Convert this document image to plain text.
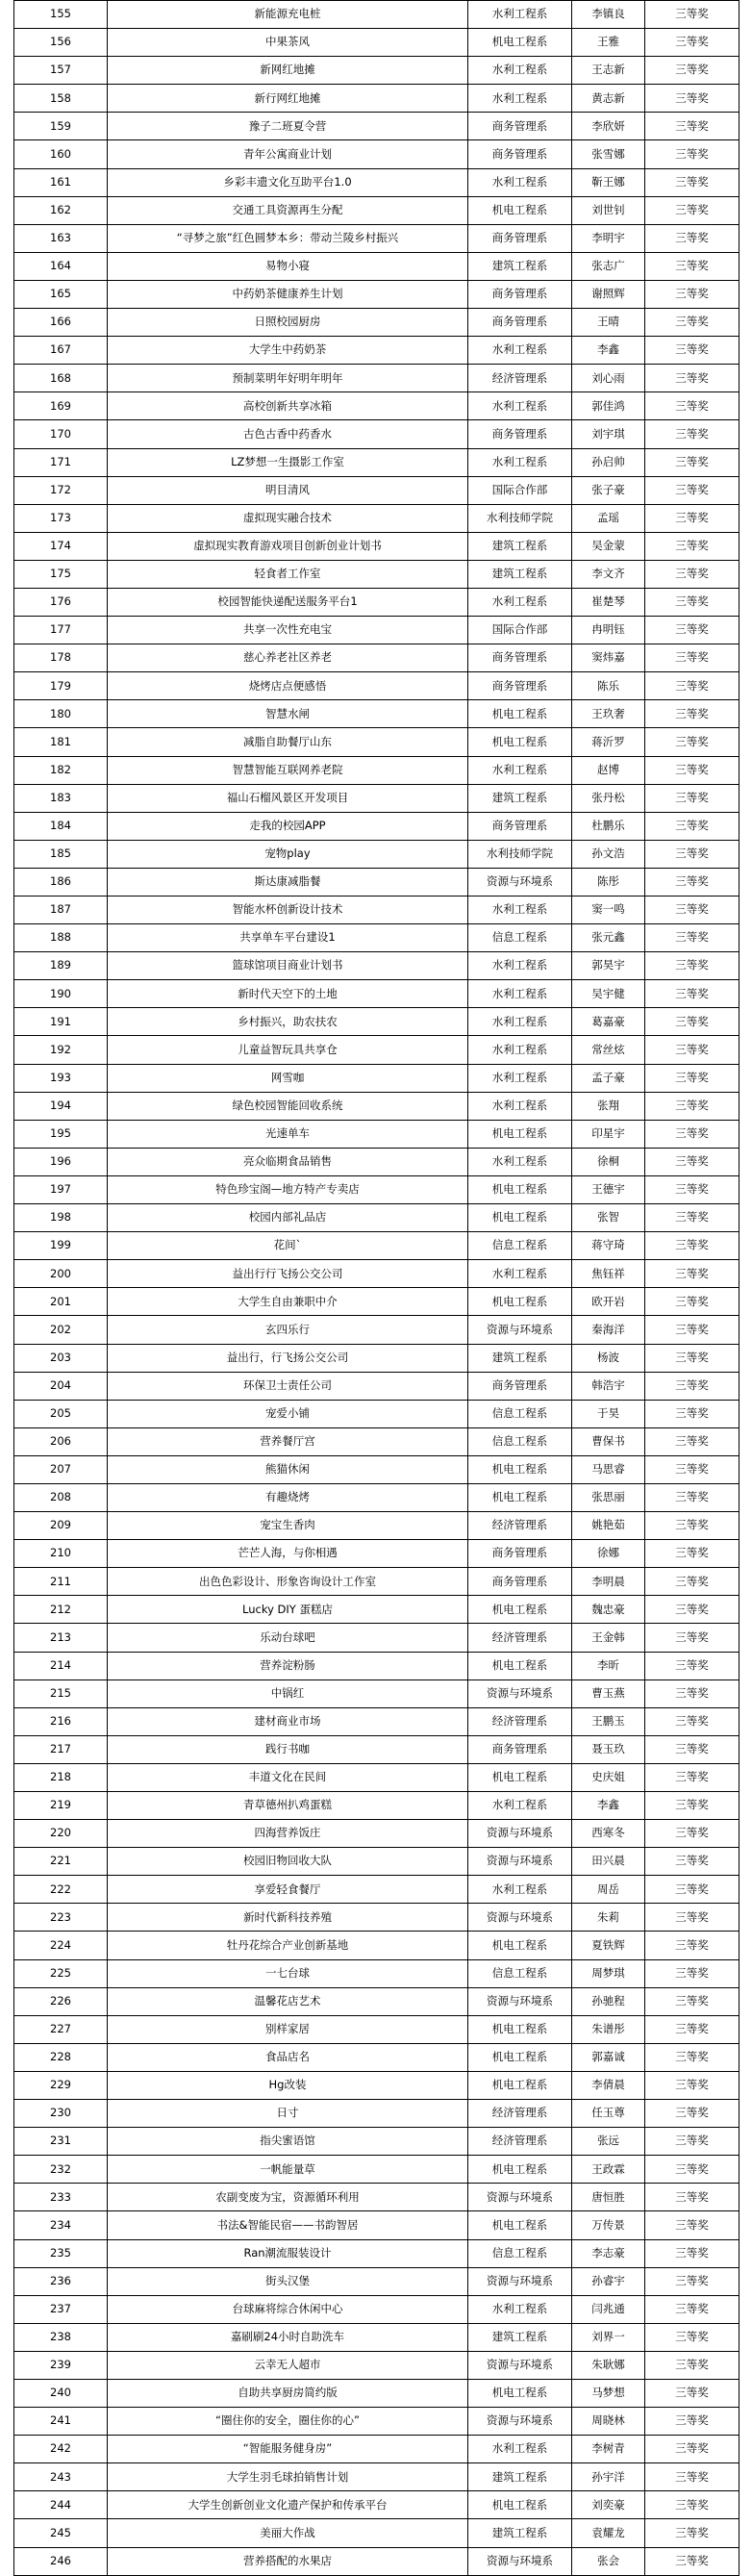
155	新能源充电桩	水利工程系	李镇良	三等奖
156	中果茶风	机电工程系	王雅	三等奖
157	新网红地摊	水利工程系	王志新	三等奖
158	新行网红地摊	水利工程系	黄志新	三等奖
159	豫子二班夏令营	商务管理系	李欣妍	三等奖
160	青年公寓商业计划	商务管理系	张雪娜	三等奖
161	乡彩丰遗文化互助平台1.0	水利工程系	靳王娜	三等奖
162	交通工具资源再生分配	机电工程系	刘世钊	三等奖
163	“寻梦之旅”红色圆梦本乡：带动兰陵乡村振兴	商务管理系	李明宇	三等奖
164	易物小寝	建筑工程系	张志广	三等奖
165	中药奶茶健康养生计划	商务管理系	谢照辉	三等奖
166	日照校园厨房	商务管理系	王晴	三等奖
167	大学生中药奶茶	水利工程系	李鑫	三等奖
168	预制菜明年好明年明年	经济管理系	刘心雨	三等奖
169	高校创新共享冰箱	水利工程系	郭佳鸿	三等奖
170	古色古香中药香水	商务管理系	刘宇琪	三等奖
171	LZ梦想一生摄影工作室	水利工程系	孙启帅	三等奖
172	明目清风	国际合作部	张子豪	三等奖
173	虚拟现实融合技术	水利技师学院	孟瑶	三等奖
174	虚拟现实教育游戏项目创新创业计划书	建筑工程系	吴金蒙	三等奖
175	轻食者工作室	建筑工程系	李文齐	三等奖
176	校园智能快递配送服务平台1	水利工程系	崔楚琴	三等奖
177	共享一次性充电宝	国际合作部	冉明钰	三等奖
178	慈心养老社区养老	商务管理系	窦炜嘉	三等奖
179	烧烤店点便感悟	商务管理系	陈乐	三等奖
180	智慧水闸	机电工程系	王玖奢	三等奖
181	减脂自助餐厅山东	机电工程系	蒋沂罗	三等奖
182	智慧智能互联网养老院	水利工程系	赵博	三等奖
183	福山石榴风景区开发项目	建筑工程系	张丹松	三等奖
184	走我的校园APP	商务管理系	杜鹏乐	三等奖
185	宠物play	水利技师学院	孙文浩	三等奖
186	斯达康减脂餐	资源与环境系	陈彤	三等奖
187	智能水杯创新设计技术	水利工程系	窦一鸣	三等奖
188	共享单车平台建设1	信息工程系	张元鑫	三等奖
189	篮球馆项目商业计划书	水利工程系	郭昊宇	三等奖
190	新时代天空下的土地	水利工程系	吴宇健	三等奖
191	乡村振兴，助农扶农	水利工程系	葛嘉豪	三等奖
192	儿童益智玩具共享仓	水利工程系	常丝炫	三等奖
193	网雪咖	水利工程系	孟子豪	三等奖
194	绿色校园智能回收系统	水利工程系	张翔	三等奖
195	光速单车	机电工程系	印星宇	三等奖
196	亮众临期食品销售	水利工程系	徐桐	三等奖
197	特色珍宝阁—地方特产专卖店	机电工程系	王德宇	三等奖
198	校园内部礼品店	机电工程系	张智	三等奖
199	花间`	信息工程系	蒋守琦	三等奖
200	益出行行飞扬公交公司	水利工程系	焦钰祥	三等奖
201	大学生自由兼职中介	机电工程系	欧开岩	三等奖
202	玄四乐行	资源与环境系	秦海洋	三等奖
203	益出行，行飞扬公交公司	建筑工程系	杨波	三等奖
204	环保卫士责任公司	商务管理系	韩浩宇	三等奖
205	宠爱小铺	信息工程系	于昊	三等奖
206	营养餐厅宫	信息工程系	曹保书	三等奖
207	熊猫休闲	机电工程系	马思睿	三等奖
208	有趣烧烤	机电工程系	张思丽	三等奖
209	宠宝生香肉	经济管理系	姚艳茹	三等奖
210	芒芒人海，与你相遇	商务管理系	徐娜	三等奖
211	出色色彩设计、形象咨询设计工作室	商务管理系	李明晨	三等奖
212	Lucky DIY 蛋糕店	机电工程系	魏忠豪	三等奖
213	乐动台球吧	经济管理系	王金韩	三等奖
214	营养淀粉肠	机电工程系	李昕	三等奖
215	中锅红	资源与环境系	曹玉燕	三等奖
216	建材商业市场	经济管理系	王鹏玉	三等奖
217	践行书咖	商务管理系	聂玉玖	三等奖
218	丰道文化在民间	机电工程系	史庆姐	三等奖
219	青草德州扒鸡蛋糕	水利工程系	李鑫	三等奖
220	四海营养饭庄	资源与环境系	西寒冬	三等奖
221	校园旧物回收大队	资源与环境系	田兴晨	三等奖
222	享爱轻食餐厅	水利工程系	周岳	三等奖
223	新时代新科技养殖	资源与环境系	朱莉	三等奖
224	牡丹花综合产业创新基地	机电工程系	夏铁辉	三等奖
225	一七台球	信息工程系	周梦琪	三等奖
226	温馨花店艺术	资源与环境系	孙驰程	三等奖
227	别样家居	机电工程系	朱谱彤	三等奖
228	食品店名	机电工程系	郭嘉诚	三等奖
229	Hg改装	机电工程系	李倩晨	三等奖
230	日寸	经济管理系	任玉尊	三等奖
231	指尖蜜语馆	经济管理系	张远	三等奖
232	一帆能量草	机电工程系	王政霖	三等奖
233	农副变废为宝，资源循环利用	资源与环境系	唐恒胜	三等奖
234	书法&智能民宿——书韵智居	机电工程系	万传景	三等奖
235	Ran潮流服装设计	信息工程系	李志豪	三等奖
236	街头汉堡	资源与环境系	孙睿宇	三等奖
237	台球麻将综合休闲中心	水利工程系	闫兆通	三等奖
238	嘉刷刷24小时自助洗车	建筑工程系	刘界一	三等奖
239	云幸无人超市	资源与环境系	朱耿娜	三等奖
240	自助共享厨房简约版	机电工程系	马梦想	三等奖
241	“圈住你的安全，圈住你的心”	资源与环境系	周晓林	三等奖
242	“智能服务健身房”	水利工程系	李树青	三等奖
243	大学生羽毛球拍销售计划	建筑工程系	孙宇洋	三等奖
244	大学生创新创业文化遗产保护和传承平台	机电工程系	刘奕豪	三等奖
245	美丽大作战	建筑工程系	袁耀龙	三等奖
246	营养搭配的水果店	资源与环境系	张会	三等奖
